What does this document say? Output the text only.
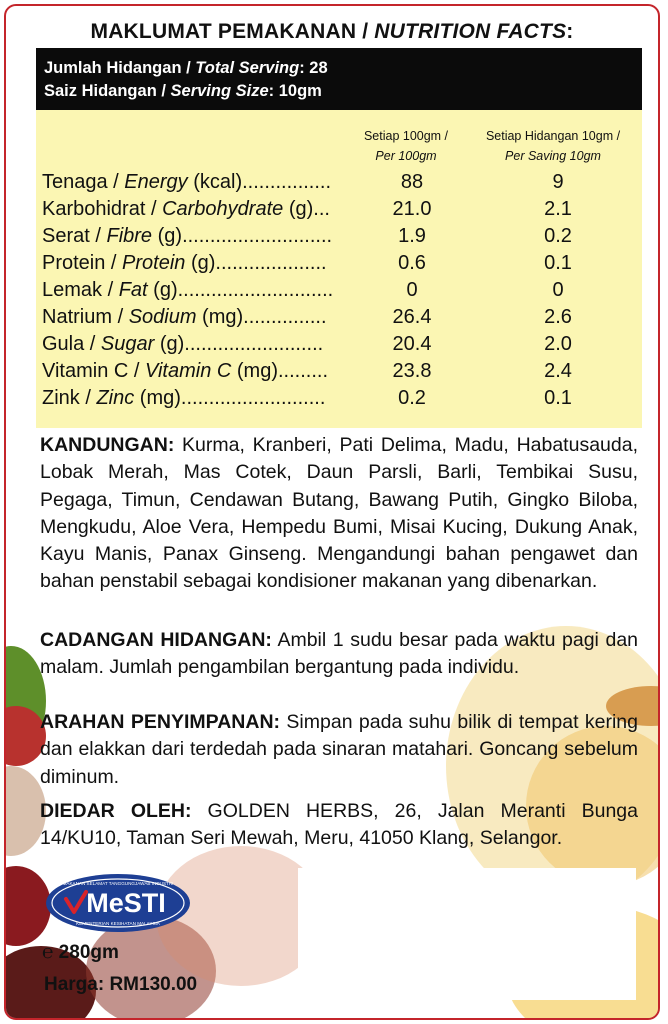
MAKLUMAT PEMAKANAN / NUTRITION FACTS:
Jumlah Hidangan / Total Serving: 28
Saiz Hidangan / Serving Size: 10gm
Setiap 100gm /
Per 100gm
Setiap Hidangan 10gm /
Per Saving 10gm
Tenaga / Energy (kcal)................	88	9
Karbohidrat / Carbohydrate (g)...	21.0	2.1
Serat / Fibre (g)...........................	1.9	0.2
Protein / Protein (g)....................	0.6	0.1
Lemak / Fat (g)............................	0	0
Natrium / Sodium (mg)...............	26.4	2.6
Gula / Sugar (g).........................	20.4	2.0
Vitamin C / Vitamin C (mg).........	23.8	2.4
Zink / Zinc (mg)..........................	0.2	0.1
KANDUNGAN: Kurma, Kranberi, Pati Delima, Madu, Habatusauda, Lobak Merah, Mas Cotek, Daun Parsli, Barli, Tembikai Susu, Pegaga, Timun, Cendawan Butang, Bawang Putih, Gingko Biloba, Mengkudu, Aloe Vera, Hempedu Bumi, Misai Kucing, Dukung Anak, Kayu Manis, Panax Ginseng. Mengandungi bahan pengawet dan bahan penstabil sebagai kondisioner makanan yang dibenarkan.
CADANGAN HIDANGAN: Ambil 1 sudu besar pada waktu pagi dan malam. Jumlah pengambilan bergantung pada individu.
ARAHAN PENYIMPANAN: Simpan pada suhu bilik di tempat kering dan elakkan dari terdedah pada sinaran matahari. Goncang sebelum diminum.
DIEDAR OLEH: GOLDEN HERBS, 26, Jalan Meranti Bunga 14/KU10, Taman Seri Mewah, Meru, 41050 Klang, Selangor.
MAKANAN SELAMAT TANGGUNGJAWAB INDUSTRI
MeSTI
KEMENTERIAN KESIHATAN MALAYSIA
℮ 280gm
Harga: RM130.00
